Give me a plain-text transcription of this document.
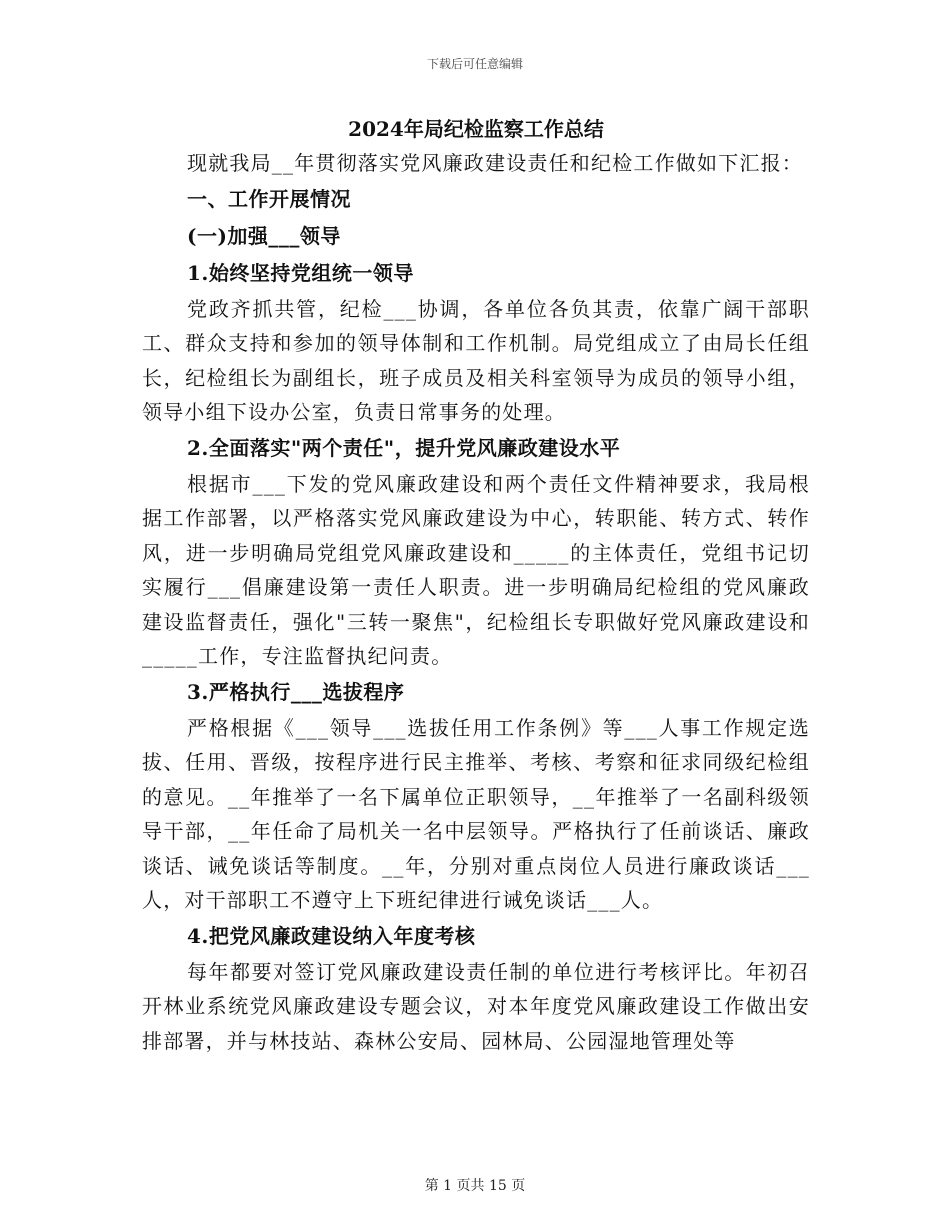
下载后可任意编辑

2024年局纪检监察工作总结

现就我局__年贯彻落实党风廉政建设责任和纪检工作做如下汇报：

一、工作开展情况

(一)加强___领导

1.始终坚持党组统一领导

党政齐抓共管，纪检___协调，各单位各负其责，依靠广阔干部职工、群众支持和参加的领导体制和工作机制。局党组成立了由局长任组长，纪检组长为副组长，班子成员及相关科室领导为成员的领导小组，领导小组下设办公室，负责日常事务的处理。

2.全面落实"两个责任"，提升党风廉政建设水平

根据市___下发的党风廉政建设和两个责任文件精神要求，我局根据工作部署，以严格落实党风廉政建设为中心，转职能、转方式、转作风，进一步明确局党组党风廉政建设和_____的主体责任，党组书记切实履行___倡廉建设第一责任人职责。进一步明确局纪检组的党风廉政建设监督责任，强化"三转一聚焦"，纪检组长专职做好党风廉政建设和_____工作，专注监督执纪问责。

3.严格执行___选拔程序

严格根据《___领导___选拔任用工作条例》等___人事工作规定选拔、任用、晋级，按程序进行民主推举、考核、考察和征求同级纪检组的意见。__年推举了一名下属单位正职领导，__年推举了一名副科级领导干部，__年任命了局机关一名中层领导。严格执行了任前谈话、廉政谈话、诫免谈话等制度。__年，分别对重点岗位人员进行廉政谈话___人，对干部职工不遵守上下班纪律进行诫免谈话___人。

4.把党风廉政建设纳入年度考核

每年都要对签订党风廉政建设责任制的单位进行考核评比。年初召开林业系统党风廉政建设专题会议，对本年度党风廉政建设工作做出安排部署，并与林技站、森林公安局、园林局、公园湿地管理处等

第 1 页共 15 页
